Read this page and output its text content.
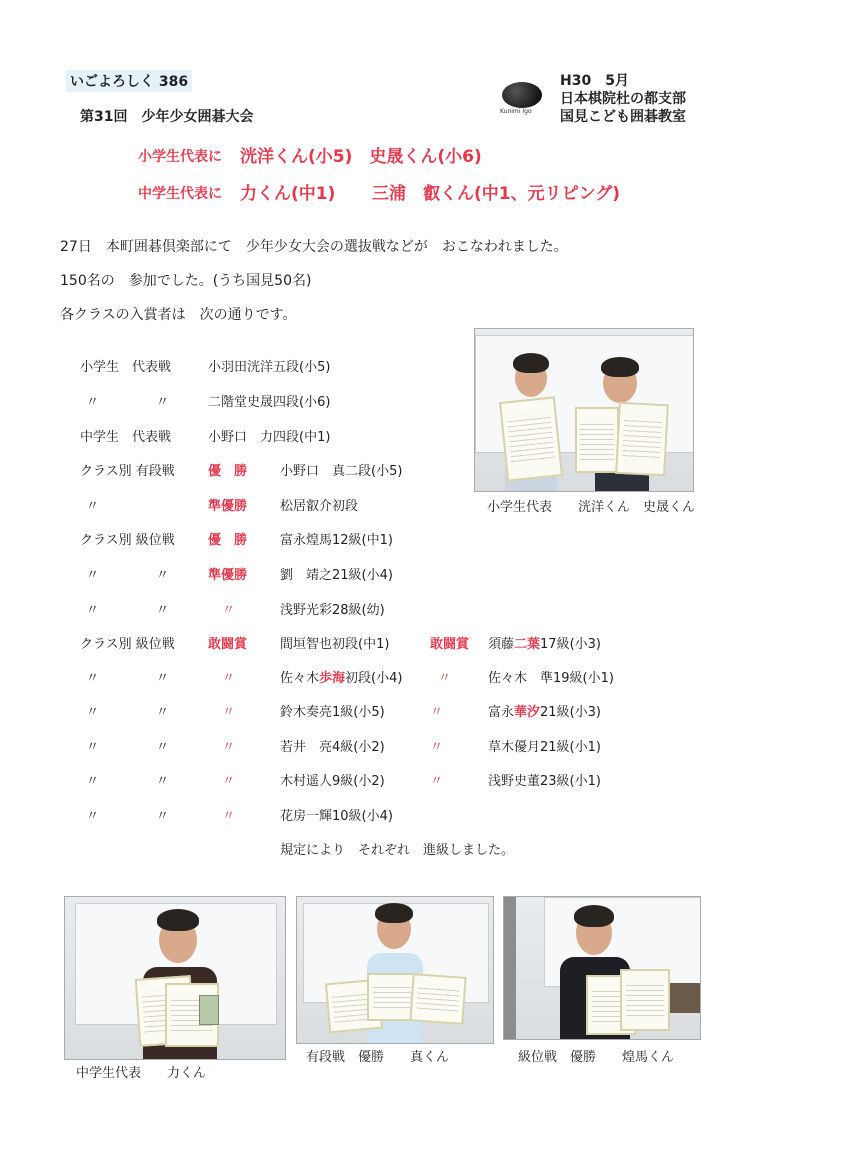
いごよろしく 386
第31回　少年少女囲碁大会	Kunimi Igo
H30　5月
日本棋院杜の都支部
国見こども囲碁教室
小学生代表に 洸洋くん(小5)　史晟くん(小6)
中学生代表に 力くん(中1) 三浦　叡くん(中1、元リピング)
27日　本町囲碁倶楽部にて　少年少女大会の選抜戦などが　おこなわれました。
150名の　参加でした。(うち国見50名)
各クラスの入賞者は　次の通りです。
小学生　代表戦	小羽田洸洋五段(小5)
〃	〃	二階堂史晟四段(小6)
中学生　代表戦	小野口　力四段(中1)
クラス別 有段戦	優　勝	小野口　真二段(小5)
〃	準優勝	松居叡介初段
クラス別 級位戦	優　勝	富永煌馬12級(中1)
〃	〃	準優勝	劉　靖之21級(小4)
〃	〃	〃	浅野光彩28級(幼)
クラス別 級位戦	敢闘賞	間垣智也初段(中1)	敢闘賞 須藤二葉17級(小3)
〃	〃	〃	佐々木歩海初段(小4)	〃	佐々木　準19級(小1)
〃	〃	〃	鈴木奏亮1級(小5)	〃	富永華汐21級(小3)
〃	〃	〃	若井　亮4級(小2)	〃	草木優月21級(小1)
〃	〃	〃	木村遥人9級(小2)	〃	浅野史董23級(小1)
〃	〃	〃	花房一輝10級(小4)
規定により　それぞれ　進級しました。
小学生代表　　洸洋くん　史晟くん
中学生代表　　力くん
有段戦　優勝　　真くん	級位戦　優勝　　煌馬くん
